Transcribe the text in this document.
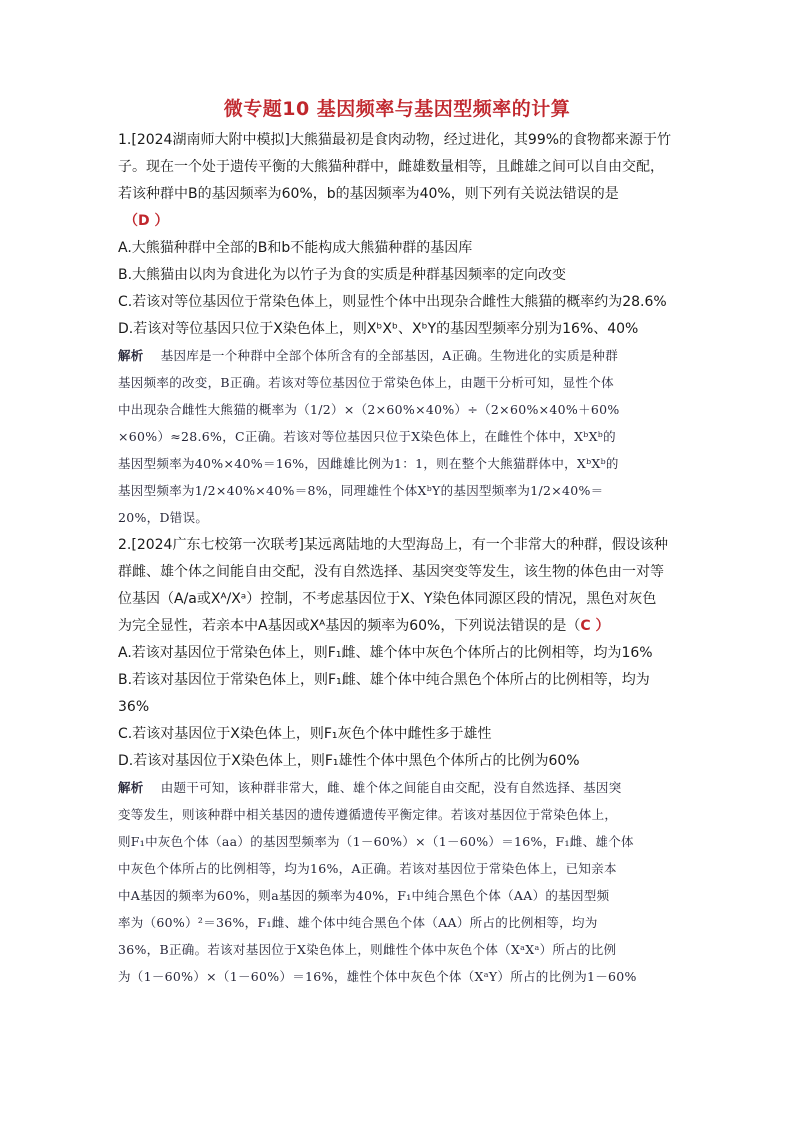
微专题10 基因频率与基因型频率的计算
1.[2024湖南师大附中模拟]大熊猫最初是食肉动物，经过进化，其99%的食物都来源于竹
子。现在一个处于遗传平衡的大熊猫种群中，雌雄数量相等，且雌雄之间可以自由交配，
若该种群中B的基因频率为60%，b的基因频率为40%，则下列有关说法错误的是
（D ）
A.大熊猫种群中全部的B和b不能构成大熊猫种群的基因库
B.大熊猫由以肉为食进化为以竹子为食的实质是种群基因频率的定向改变
C.若该对等位基因位于常染色体上，则显性个体中出现杂合雌性大熊猫的概率约为28.6%
D.若该对等位基因只位于X染色体上，则XᵇXᵇ、XᵇY的基因型频率分别为16%、40%
解析 基因库是一个种群中全部个体所含有的全部基因，A正确。生物进化的实质是种群
基因频率的改变，B正确。若该对等位基因位于常染色体上，由题干分析可知，显性个体
中出现杂合雌性大熊猫的概率为（1/2）×（2×60%×40%）÷（2×60%×40%＋60%
×60%）≈28.6%，C正确。若该对等位基因只位于X染色体上，在雌性个体中，XᵇXᵇ的
基因型频率为40%×40%＝16%，因雌雄比例为1：1，则在整个大熊猫群体中，XᵇXᵇ的
基因型频率为1/2×40%×40%＝8%，同理雄性个体XᵇY的基因型频率为1/2×40%＝
20%，D错误。
2.[2024广东七校第一次联考]某远离陆地的大型海岛上，有一个非常大的种群，假设该种
群雌、雄个体之间能自由交配，没有自然选择、基因突变等发生，该生物的体色由一对等
位基因（A/a或Xᴬ/Xᵃ）控制，不考虑基因位于X、Y染色体同源区段的情况，黑色对灰色
为完全显性，若亲本中A基因或Xᴬ基因的频率为60%，下列说法错误的是（C ）
A.若该对基因位于常染色体上，则F₁雌、雄个体中灰色个体所占的比例相等，均为16%
B.若该对基因位于常染色体上，则F₁雌、雄个体中纯合黑色个体所占的比例相等，均为
36%
C.若该对基因位于X染色体上，则F₁灰色个体中雌性多于雄性
D.若该对基因位于X染色体上，则F₁雄性个体中黑色个体所占的比例为60%
解析 由题干可知，该种群非常大，雌、雄个体之间能自由交配，没有自然选择、基因突
变等发生，则该种群中相关基因的遗传遵循遗传平衡定律。若该对基因位于常染色体上，
则F₁中灰色个体（aa）的基因型频率为（1－60%）×（1－60%）＝16%，F₁雌、雄个体
中灰色个体所占的比例相等，均为16%，A正确。若该对基因位于常染色体上，已知亲本
中A基因的频率为60%，则a基因的频率为40%，F₁中纯合黑色个体（AA）的基因型频
率为（60%）²＝36%，F₁雌、雄个体中纯合黑色个体（AA）所占的比例相等，均为
36%，B正确。若该对基因位于X染色体上，则雌性个体中灰色个体（XᵃXᵃ）所占的比例
为（1－60%）×（1－60%）＝16%，雄性个体中灰色个体（XᵃY）所占的比例为1－60%
